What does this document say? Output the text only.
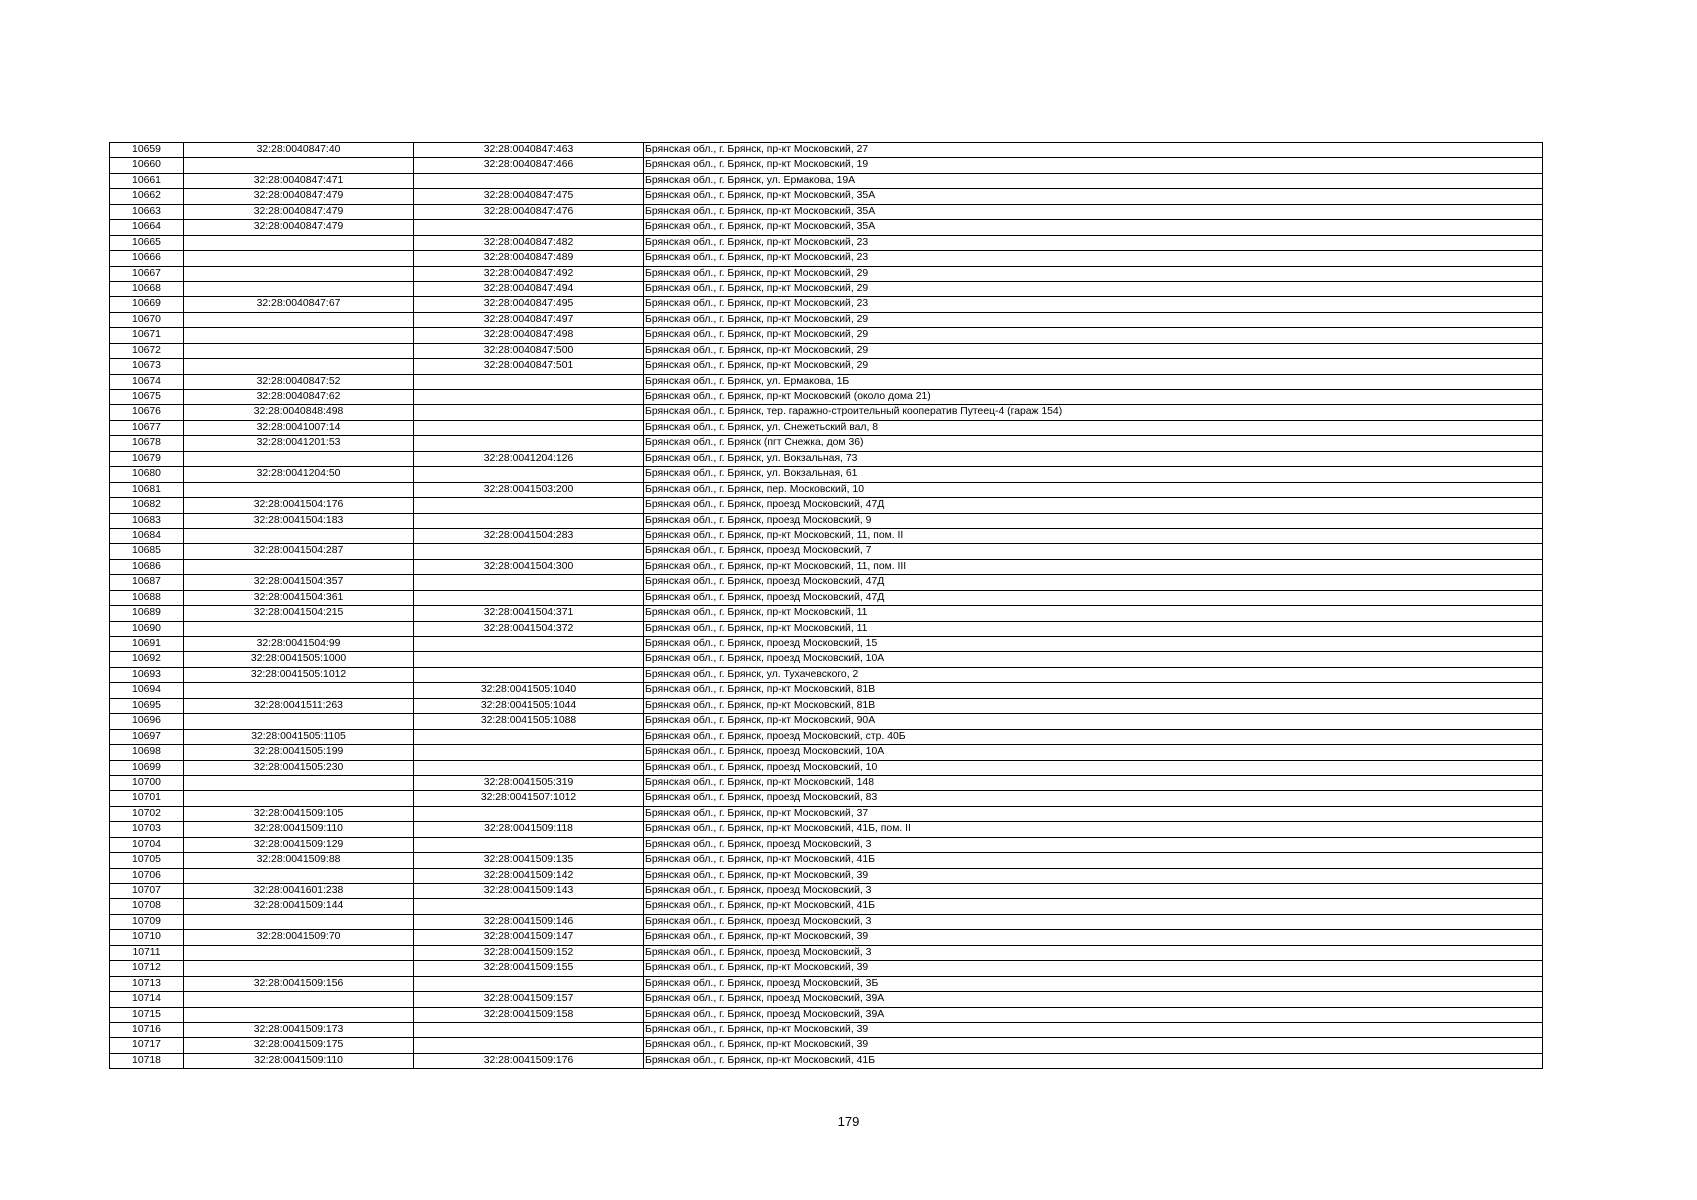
10659	32:28:0040847:40	32:28:0040847:463	Брянская обл., г. Брянск, пр-кт Московский, 27
10660		32:28:0040847:466	Брянская обл., г. Брянск, пр-кт Московский, 19
10661	32:28:0040847:471		Брянская обл., г. Брянск, ул. Ермакова, 19А
10662	32:28:0040847:479	32:28:0040847:475	Брянская обл., г. Брянск, пр-кт Московский, 35А
10663	32:28:0040847:479	32:28:0040847:476	Брянская обл., г. Брянск, пр-кт Московский, 35А
10664	32:28:0040847:479		Брянская обл., г. Брянск, пр-кт Московский, 35А
10665		32:28:0040847:482	Брянская обл., г. Брянск, пр-кт Московский, 23
10666		32:28:0040847:489	Брянская обл., г. Брянск, пр-кт Московский, 23
10667		32:28:0040847:492	Брянская обл., г. Брянск, пр-кт Московский, 29
10668		32:28:0040847:494	Брянская обл., г. Брянск, пр-кт Московский, 29
10669	32:28:0040847:67	32:28:0040847:495	Брянская обл., г. Брянск, пр-кт Московский, 23
10670		32:28:0040847:497	Брянская обл., г. Брянск, пр-кт Московский, 29
10671		32:28:0040847:498	Брянская обл., г. Брянск, пр-кт Московский, 29
10672		32:28:0040847:500	Брянская обл., г. Брянск, пр-кт Московский, 29
10673		32:28:0040847:501	Брянская обл., г. Брянск, пр-кт Московский, 29
10674	32:28:0040847:52		Брянская обл., г. Брянск, ул. Ермакова, 1Б
10675	32:28:0040847:62		Брянская обл., г. Брянск, пр-кт Московский (около дома 21)
10676	32:28:0040848:498		Брянская обл., г. Брянск, тер. гаражно-строительный кооператив Путеец-4 (гараж 154)
10677	32:28:0041007:14		Брянская обл., г. Брянск, ул. Снежетьский вал, 8
10678	32:28:0041201:53		Брянская обл., г. Брянск (пгт Снежка, дом 36)
10679		32:28:0041204:126	Брянская обл., г. Брянск, ул. Вокзальная, 73
10680	32:28:0041204:50		Брянская обл., г. Брянск, ул. Вокзальная, 61
10681		32:28:0041503:200	Брянская обл., г. Брянск, пер. Московский, 10
10682	32:28:0041504:176		Брянская обл., г. Брянск, проезд Московский, 47Д
10683	32:28:0041504:183		Брянская обл., г. Брянск, проезд Московский, 9
10684		32:28:0041504:283	Брянская обл., г. Брянск, пр-кт Московский, 11, пом. II
10685	32:28:0041504:287		Брянская обл., г. Брянск, проезд Московский, 7
10686		32:28:0041504:300	Брянская обл., г. Брянск, пр-кт Московский, 11, пом. III
10687	32:28:0041504:357		Брянская обл., г. Брянск, проезд Московский, 47Д
10688	32:28:0041504:361		Брянская обл., г. Брянск, проезд Московский, 47Д
10689	32:28:0041504:215	32:28:0041504:371	Брянская обл., г. Брянск, пр-кт Московский, 11
10690		32:28:0041504:372	Брянская обл., г. Брянск, пр-кт Московский, 11
10691	32:28:0041504:99		Брянская обл., г. Брянск, проезд Московский, 15
10692	32:28:0041505:1000		Брянская обл., г. Брянск, проезд Московский, 10А
10693	32:28:0041505:1012		Брянская обл., г. Брянск, ул. Тухачевского, 2
10694		32:28:0041505:1040	Брянская обл., г. Брянск, пр-кт Московский, 81В
10695	32:28:0041511:263	32:28:0041505:1044	Брянская обл., г. Брянск, пр-кт Московский, 81В
10696		32:28:0041505:1088	Брянская обл., г. Брянск, пр-кт Московский, 90А
10697	32:28:0041505:1105		Брянская обл., г. Брянск, проезд Московский, стр. 40Б
10698	32:28:0041505:199		Брянская обл., г. Брянск, проезд Московский, 10А
10699	32:28:0041505:230		Брянская обл., г. Брянск, проезд Московский, 10
10700		32:28:0041505:319	Брянская обл., г. Брянск, пр-кт Московский, 148
10701		32:28:0041507:1012	Брянская обл., г. Брянск, проезд Московский, 83
10702	32:28:0041509:105		Брянская обл., г. Брянск, пр-кт Московский, 37
10703	32:28:0041509:110	32:28:0041509:118	Брянская обл., г. Брянск, пр-кт Московский, 41Б, пом. II
10704	32:28:0041509:129		Брянская обл., г. Брянск, проезд Московский, 3
10705	32:28:0041509:88	32:28:0041509:135	Брянская обл., г. Брянск, пр-кт Московский, 41Б
10706		32:28:0041509:142	Брянская обл., г. Брянск, пр-кт Московский, 39
10707	32:28:0041601:238	32:28:0041509:143	Брянская обл., г. Брянск, проезд Московский, 3
10708	32:28:0041509:144		Брянская обл., г. Брянск, пр-кт Московский, 41Б
10709		32:28:0041509:146	Брянская обл., г. Брянск, проезд Московский, 3
10710	32:28:0041509:70	32:28:0041509:147	Брянская обл., г. Брянск, пр-кт Московский, 39
10711		32:28:0041509:152	Брянская обл., г. Брянск, проезд Московский, 3
10712		32:28:0041509:155	Брянская обл., г. Брянск, пр-кт Московский, 39
10713	32:28:0041509:156		Брянская обл., г. Брянск, проезд Московский, 3Б
10714		32:28:0041509:157	Брянская обл., г. Брянск, проезд Московский, 39А
10715		32:28:0041509:158	Брянская обл., г. Брянск, проезд Московский, 39А
10716	32:28:0041509:173		Брянская обл., г. Брянск, пр-кт Московский, 39
10717	32:28:0041509:175		Брянская обл., г. Брянск, пр-кт Московский, 39
10718	32:28:0041509:110	32:28:0041509:176	Брянская обл., г. Брянск, пр-кт Московский, 41Б
179
